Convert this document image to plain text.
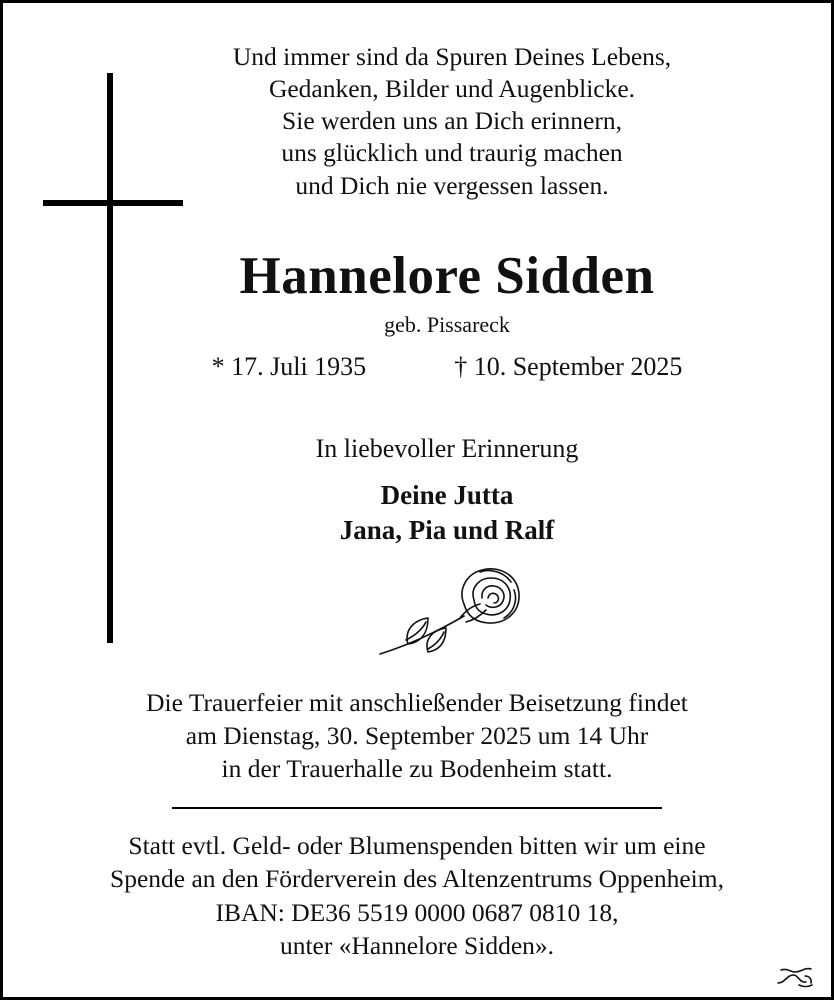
Und immer sind da Spuren Deines Lebens,
Gedanken, Bilder und Augenblicke.
Sie werden uns an Dich erinnern,
uns glücklich und traurig machen
und Dich nie vergessen lassen.
Hannelore Sidden
geb. Pissareck
* 17. Juli 1935	† 10. September 2025
In liebevoller Erinnerung
Deine Jutta
Jana, Pia und Ralf
Die Trauerfeier mit anschließender Beisetzung findet
am Dienstag, 30. September 2025 um 14 Uhr
in der Trauerhalle zu Bodenheim statt.
Statt evtl. Geld- oder Blumenspenden bitten wir um eine
Spende an den Förderverein des Altenzentrums Oppenheim,
IBAN: DE36 5519 0000 0687 0810 18,
unter «Hannelore Sidden».
